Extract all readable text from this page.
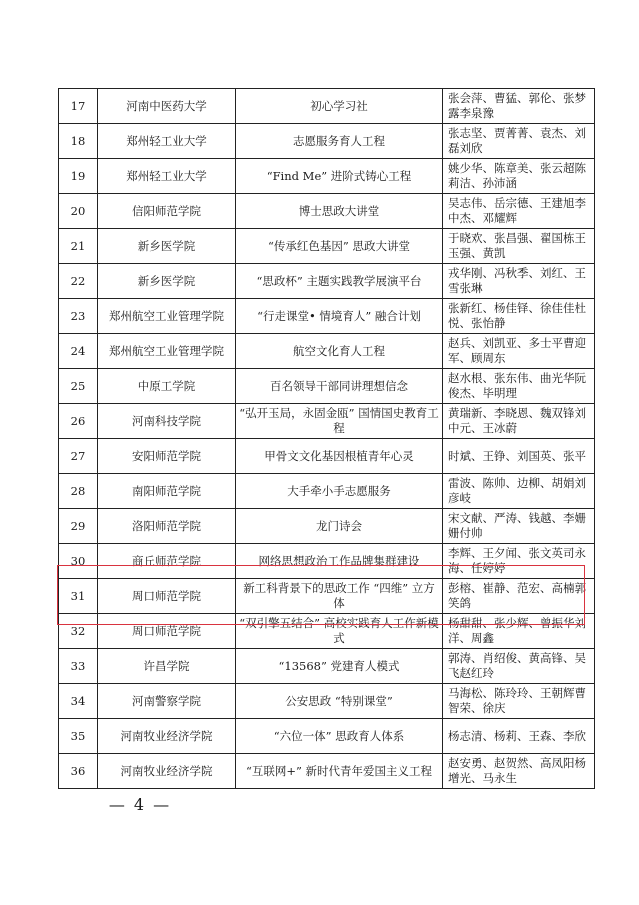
17	河南中医药大学	初心学习社	张会萍、曹猛、郭伦、张梦露李泉豫
18	郑州轻工业大学	志愿服务育人工程	张志坚、贾菁菁、袁杰、刘磊刘欣
19	郑州轻工业大学	“Find Me” 进阶式铸心工程	姚少华、陈章美、张云超陈莉洁、孙沛涵
20	信阳师范学院	博士思政大讲堂	吴志伟、岳宗德、王建旭李中杰、邓耀辉
21	新乡医学院	“传承红色基因” 思政大讲堂	于晓欢、张昌强、翟国栋王玉强、黄凯
22	新乡医学院	“思政杯” 主题实践教学展演平台	戎华刚、冯秋季、刘红、王雪张琳
23	郑州航空工业管理学院	“行走课堂• 情境育人” 融合计划	张新红、杨佳铎、徐佳佳杜悦、张怡静
24	郑州航空工业管理学院	航空文化育人工程	赵兵、刘凯亚、多士平曹迎军、顾周东
25	中原工学院	百名领导干部同讲理想信念	赵水根、张东伟、曲光华阮俊杰、毕明理
26	河南科技学院	“弘开玉局，永固金瓯” 国情国史教育工程	黄瑞新、李晓恩、魏双锋刘中元、王冰蔚
27	安阳师范学院	甲骨文文化基因根植青年心灵	时斌、王铮、刘国英、张平
28	南阳师范学院	大手牵小手志愿服务	雷波、陈帅、边柳、胡娟刘彦岐
29	洛阳师范学院	龙门诗会	宋文献、严涛、钱越、李姗姗付帅
30	商丘师范学院	网络思想政治工作品牌集群建设	李辉、王夕闻、张文英司永海、任婷婷
31	周口师范学院	新工科背景下的思政工作 “四维” 立方体	彭榕、崔静、范宏、高楠郭笑鸽
32	周口师范学院	“双引擎五结合” 高校实践育人工作新模式	杨甜甜、张少辉、曾振华刘洋、周鑫
33	许昌学院	“13568” 党建育人模式	郭涛、肖绍俊、黄高锋、吴飞赵红玲
34	河南警察学院	公安思政 “特别课堂”	马海松、陈玲玲、王朝辉曹智荣、徐庆
35	河南牧业经济学院	“六位一体” 思政育人体系	杨志清、杨莉、王森、李欣
36	河南牧业经济学院	“互联网+” 新时代青年爱国主义工程	赵安勇、赵贺然、高凤阳杨增光、马永生
— 4 —
